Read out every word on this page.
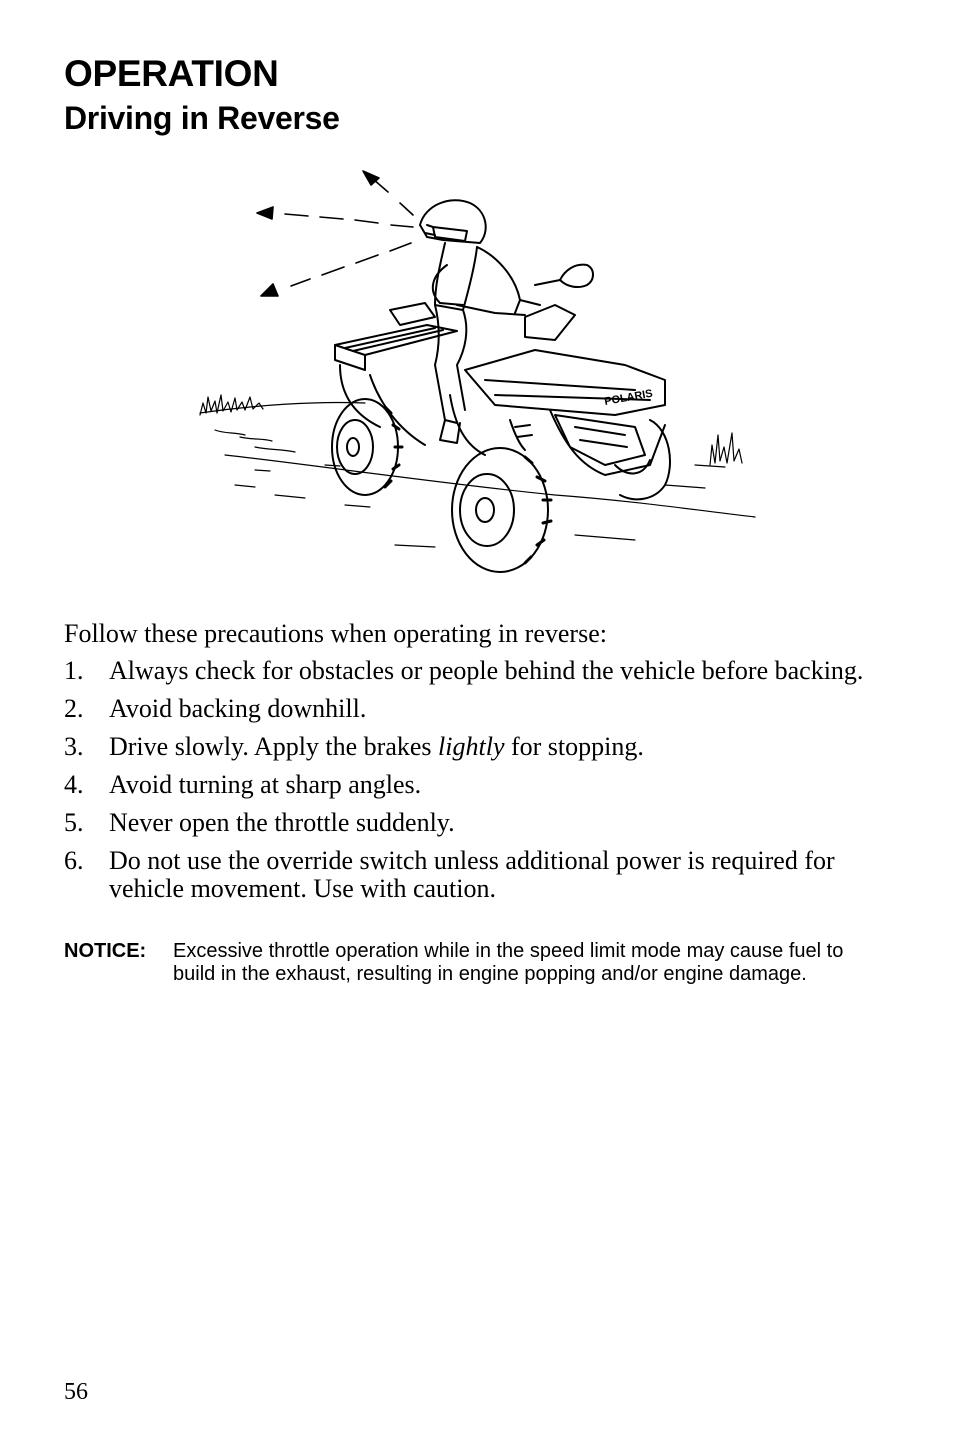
OPERATION
Driving in Reverse
POLARIS

Follow these precautions when operating in reverse:

1. Always check for obstacles or people behind the vehicle before backing.
2. Avoid backing downhill.
3. Drive slowly. Apply the brakes lightly for stopping.
4. Avoid turning at sharp angles.
5. Never open the throttle suddenly.
6. Do not use the override switch unless additional power is required for vehicle movement. Use with caution.
NOTICE:	Excessive throttle operation while in the speed limit mode may cause fuel to build in the exhaust, resulting in engine popping and/or engine damage.

56
